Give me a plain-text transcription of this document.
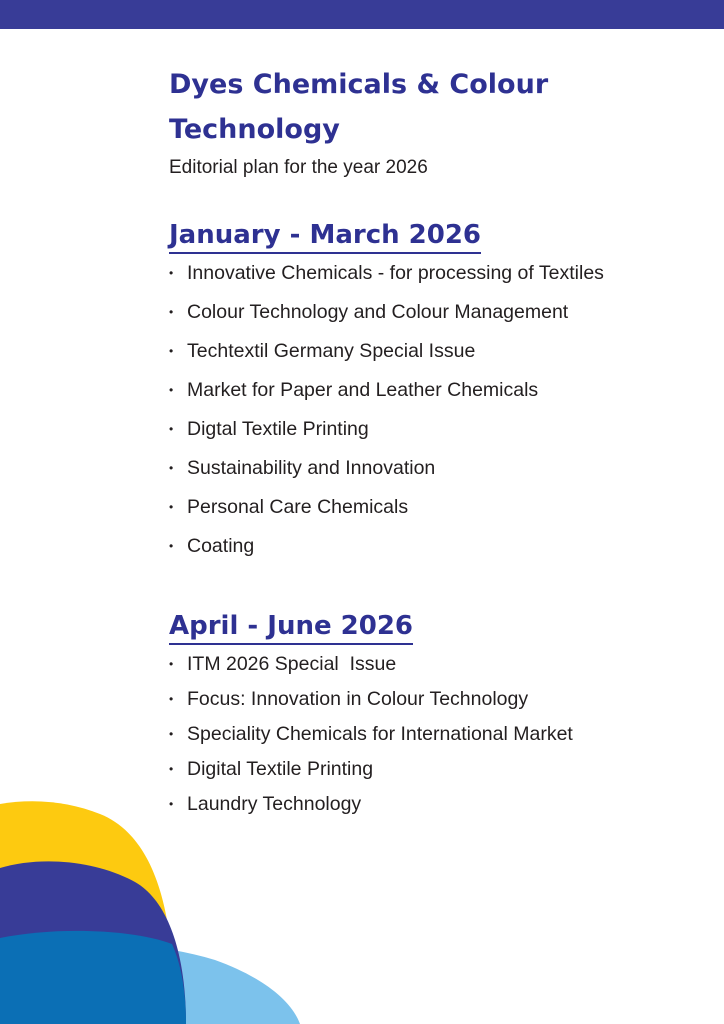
Dyes Chemicals & Colour
Technology

Editorial plan for the year 2026

January - March 2026
• Innovative Chemicals - for processing of Textiles
• Colour Technology and Colour Management
• Techtextil Germany Special Issue
• Market for Paper and Leather Chemicals
• Digtal Textile Printing
• Sustainability and Innovation
• Personal Care Chemicals
• Coating
April - June 2026
• ITM 2026 Special  Issue
• Focus: Innovation in Colour Technology
• Speciality Chemicals for International Market
• Digital Textile Printing
• Laundry Technology
